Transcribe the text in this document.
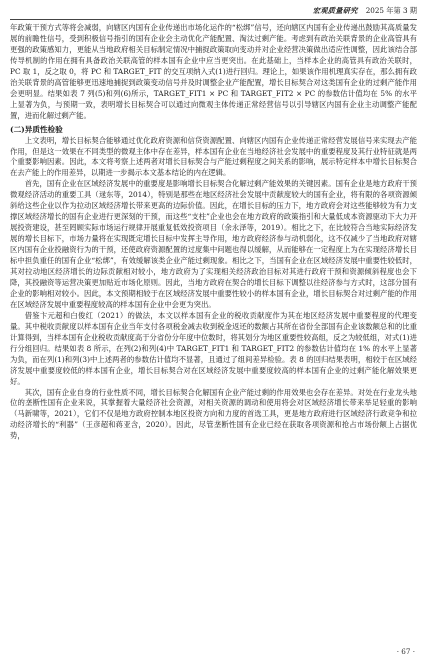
宏观质量研究 2025 年第 3 期

年政策干预方式等将会减弱，向辖区内国有企业传递出市场化运作的“松绑”信号，还向辖区内国有企业传递出鼓励其高质量发展的前瞻性信号，受到积极信号指引的国有企业会主动优化产能配置、淘汰过剩产能。考虑到有政治关联背景的企业高管具有更强的政策感知力，更能从当地政府相关目标制定情况中捕捉政策取向变动并对企业经营决策做出适应性调整，因此该结合部传导机制的作用在拥有具备政治关联高管的样本国有企业中应当更突出。在此基础上，当样本企业的高管具有政治关联时，PC 取 1，反之取 0，将 PC 和 TARGET_FIT 的交互项纳入式(1)进行回归。理论上，如果该作用机理真实存在，那么拥有政治关联背景的高管能够更迅速地捕捉到政策变动信号并及时调整企业产能配置，增长目标契合对这类国有企业的过剩产能作用会更明显。结果如表 7 列(5)和列(6)所示，TARGET_FIT1 × PC 和 TARGET_FIT2 × PC 的参数估计值均在 5% 的水平上显著为负，与预期一致，表明增长目标契合可以通过向微观主体传递正常经营信号以引导辖区内国有企业主动调整产能配置，进而化解过剩产能。

(二)异质性检验

上文表明，增长目标契合能够通过优化政府资源和信贷资源配置、向辖区内国有企业传递正常经营发展信号来实现去产能作用，但是这一效果在不同类型的微观主体中存在差异，样本国有企业在当地经济社会发展中的重要程度及其行业特征就是两个重要影响因素。因此，本文将考察上述两者对增长目标契合与产能过剩程度之间关系的影响，展示特定样本中增长目标契合在去产能上的作用差异，以期进一步揭示本文基本结论的内在逻辑。

首先，国有企业在区域经济发展中的重要度是影响增长目标契合化解过剩产能效果的关键因素。国有企业是地方政府干预微观经济活动的重要工具（逯东等，2014），特别是那些在地区经济社会发展中贡献度较大的国有企业，将有限的各项资源倾斜给这些企业以作为拉动区域经济增长带来更高的边际价值。因此，在增长目标的压力下，地方政府会对这些能够较为有力支撑区域经济增长的国有企业进行更深刻的干预，而这些“支柱”企业也会在地方政府的政策指引和大量低成本资源驱动下大力开展投资建设，甚至罔顾实际市场运行规律开展重复低效投资项目（余永泽等，2019）。相比之下，在比较符合当地实际经济发展的增长目标下，市场力量将在实现既定增长目标中发挥主导作用，地方政府经济参与动机弱化，这不仅减少了当地政府对辖区内国有企业投融资行为的干预，还使政府资源配置的过度集中问题也得以缓解，从而能够在一定程度上为在实现经济增长目标中担负重任的国有企业“松绑”，有效缓解该类企业产能过剩现象。相比之下，当国有企业在区域经济发展中重要性较低时，其对拉动地区经济增长的边际贡献相对较小，地方政府为了实现相关经济政治目标对其进行政府干预和资源倾斜程度也会下降，其投融资等运营决策更加贴近市场化原则。因此，当地方政府在契合的增长目标下调整以往经济参与方式时，这部分国有企业的影响相对较小。因此，本文预期相较于在区域经济发展中重要性较小的样本国有企业，增长目标契合对过剩产能的作用在区域经济发展中重要程度较高的样本国有企业中会更为突出。

借鉴卞元超和白俊红（2021）的做法，本文以样本国有企业的税收贡献度作为其在地区经济发展中重要程度的代理变量。其中税收贡献度以样本国有企业当年支付各项税金减去收到税金返还的数额占其所在省份全部国有企业该数额总和的比重计算得到，当样本国有企业税收贡献度高于分省份分年度中位数时，将其划分为地区重要性较高组，反之为较低组，对式(1)进行分组回归。结果如表 8 所示，在列(2)和列(4)中 TARGET_FIT1 和 TARGET_FIT2 的参数估计值均在 1% 的水平上显著为负，而在列(1)和列(3)中上述两者的参数估计值均不显著，且通过了组间差异检验。表 8 的回归结果表明，相较于在区域经济发展中重要度较低的样本国有企业，增长目标契合对在区域经济发展中重要度较高的样本国有企业的过剩产能化解效果更好。

其次，国有企业自身的行业性质不同，增长目标契合化解国有企业产能过剩的作用效果也会存在差异。对处在行业龙头地位的垄断性国有企业来说，其掌握着大量经济社会资源，对相关资源的调动和使用将会对区域经济增长带来举足轻重的影响（马新啸等，2021），它们不仅是地方政府控制本地区投资方向和力度的首选工具，更是地方政府进行区域经济行政竞争和拉动经济增长的“利器”（王彦超和蒋亚含，2020）。因此，尽管垄断性国有企业已经在获取各项资源和抢占市场份额上占据优势，

· 67 ·
